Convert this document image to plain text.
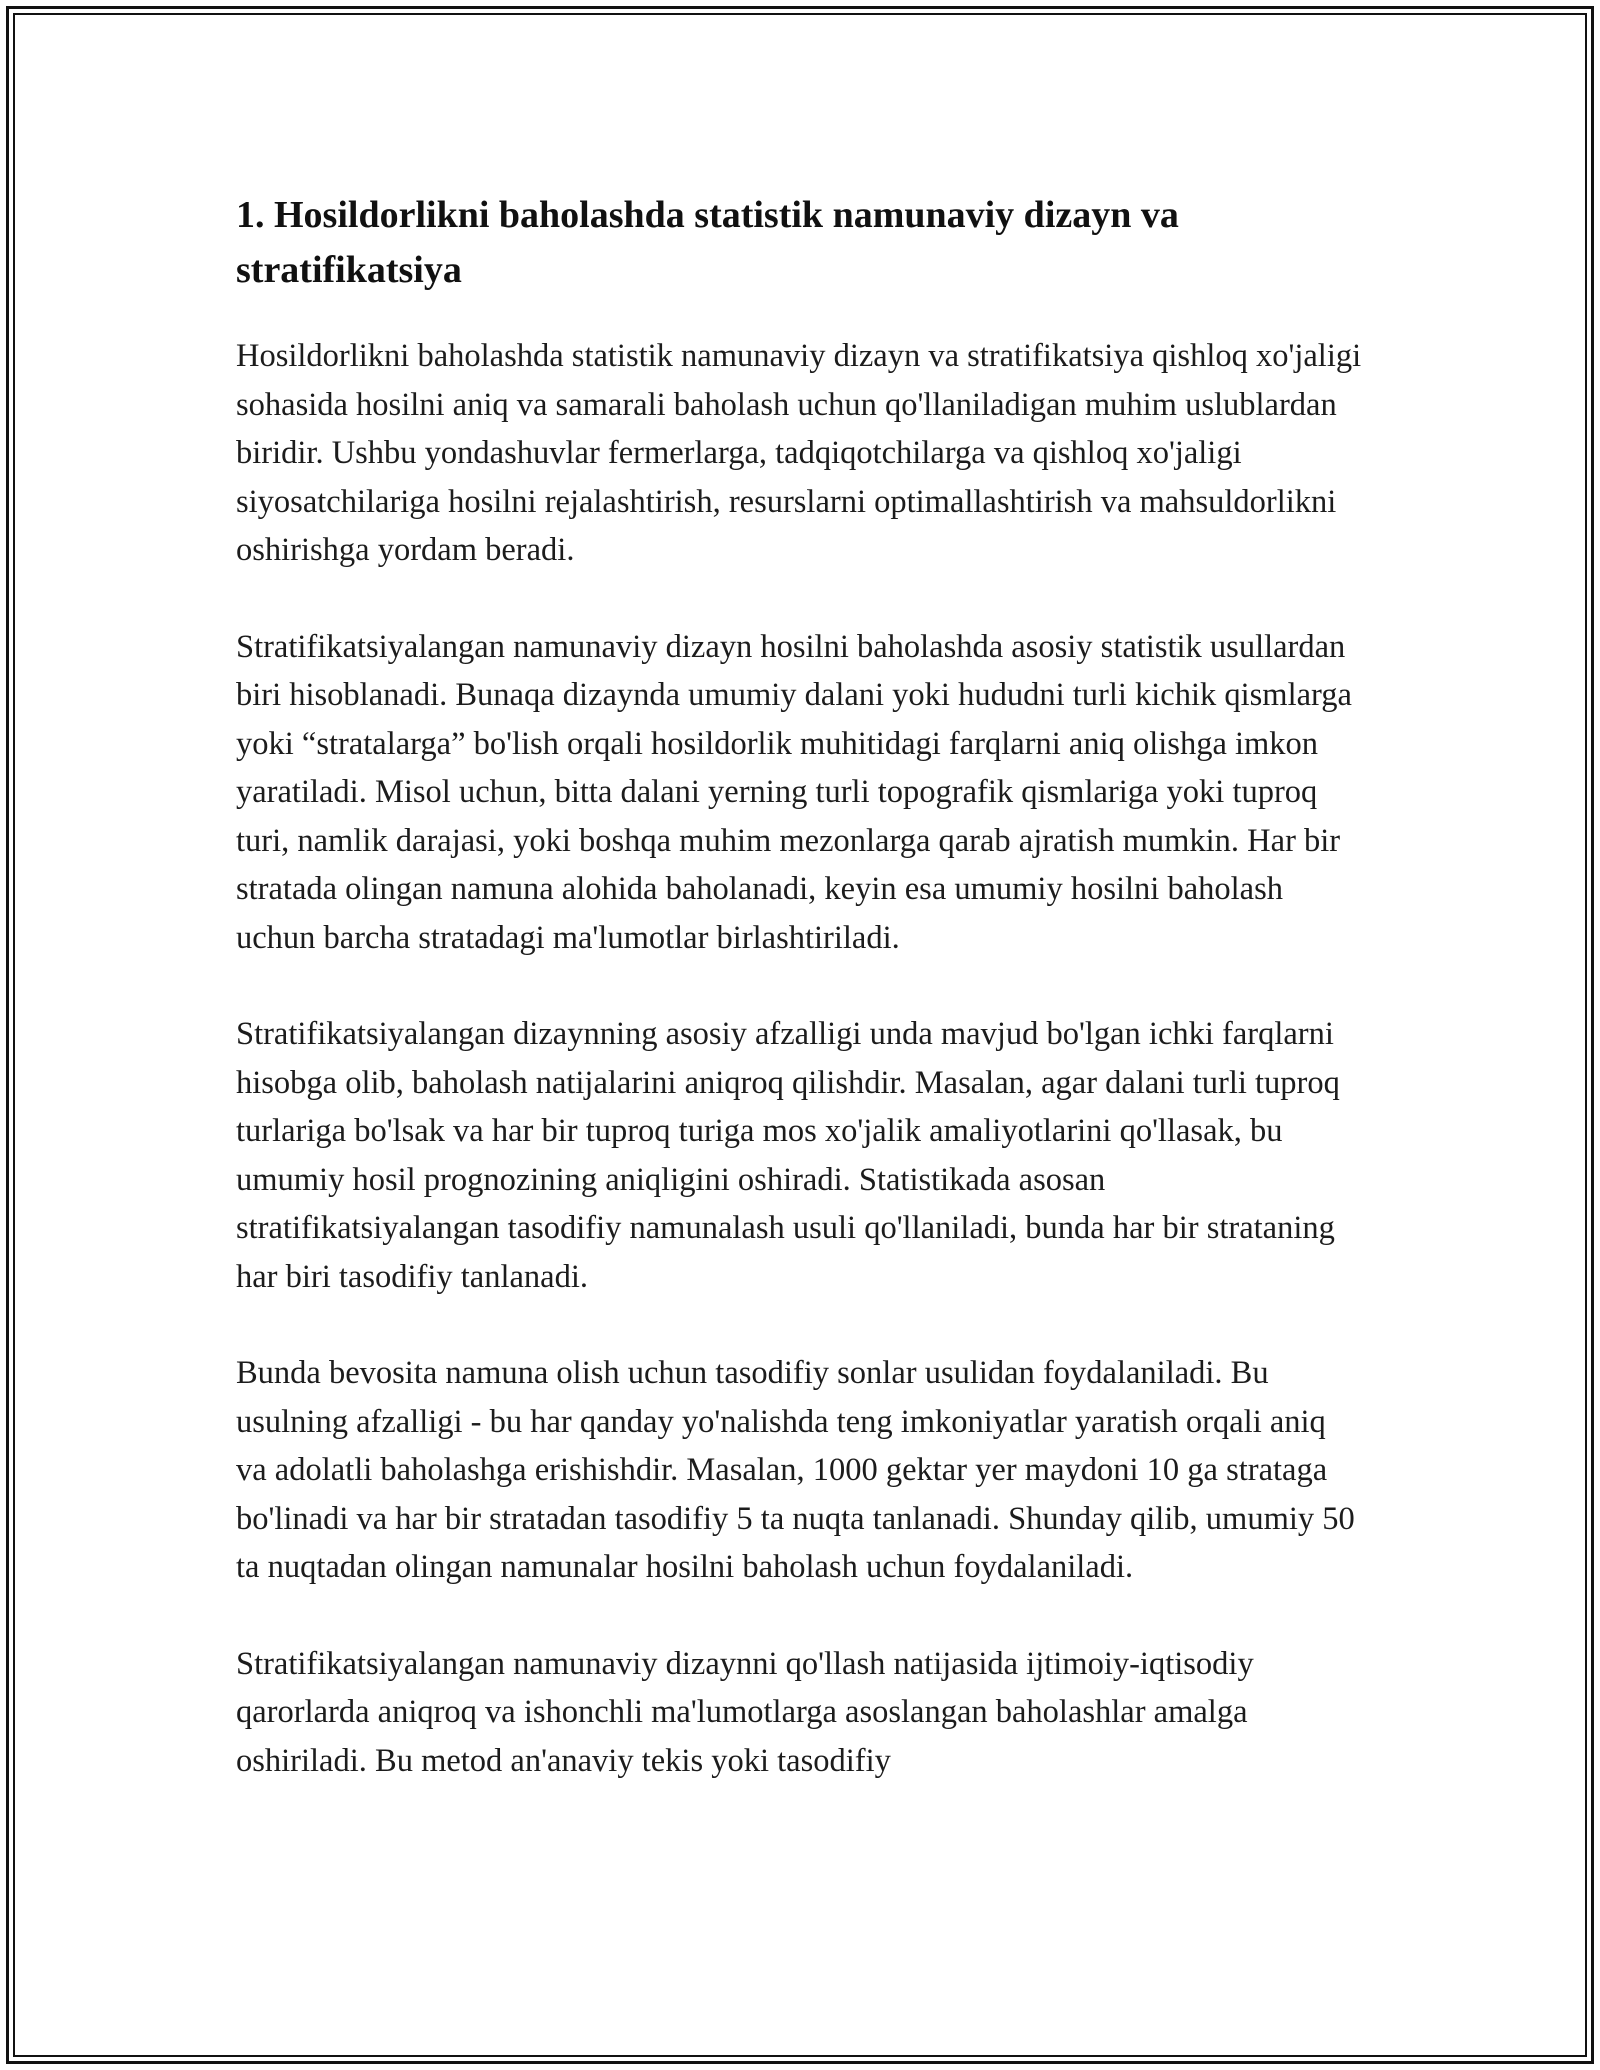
1. Hosildorlikni baholashda statistik namunaviy dizayn va stratifikatsiya

Hosildorlikni baholashda statistik namunaviy dizayn va stratifikatsiya qishloq xo'jaligi sohasida hosilni aniq va samarali baholash uchun qo'llaniladigan muhim uslublardan biridir. Ushbu yondashuvlar fermerlarga, tadqiqotchilarga va qishloq xo'jaligi siyosatchilariga hosilni rejalashtirish, resurslarni optimallashtirish va mahsuldorlikni oshirishga yordam beradi.

Stratifikatsiyalangan namunaviy dizayn hosilni baholashda asosiy statistik usullardan biri hisoblanadi. Bunaqa dizaynda umumiy dalani yoki hududni turli kichik qismlarga yoki “stratalarga” bo'lish orqali hosildorlik muhitidagi farqlarni aniq olishga imkon yaratiladi. Misol uchun, bitta dalani yerning turli topografik qismlariga yoki tuproq turi, namlik darajasi, yoki boshqa muhim mezonlarga qarab ajratish mumkin. Har bir stratada olingan namuna alohida baholanadi, keyin esa umumiy hosilni baholash uchun barcha stratadagi ma'lumotlar birlashtiriladi.

Stratifikatsiyalangan dizaynning asosiy afzalligi unda mavjud bo'lgan ichki farqlarni hisobga olib, baholash natijalarini aniqroq qilishdir. Masalan, agar dalani turli tuproq turlariga bo'lsak va har bir tuproq turiga mos xo'jalik amaliyotlarini qo'llasak, bu umumiy hosil prognozining aniqligini oshiradi. Statistikada asosan stratifikatsiyalangan tasodifiy namunalash usuli qo'llaniladi, bunda har bir strataning har biri tasodifiy tanlanadi.

Bunda bevosita namuna olish uchun tasodifiy sonlar usulidan foydalaniladi. Bu usulning afzalligi - bu har qanday yo'nalishda teng imkoniyatlar yaratish orqali aniq va adolatli baholashga erishishdir. Masalan, 1000 gektar yer maydoni 10 ga strataga bo'linadi va har bir stratadan tasodifiy 5 ta nuqta tanlanadi. Shunday qilib, umumiy 50 ta nuqtadan olingan namunalar hosilni baholash uchun foydalaniladi.

Stratifikatsiyalangan namunaviy dizaynni qo'llash natijasida ijtimoiy-iqtisodiy qarorlarda aniqroq va ishonchli ma'lumotlarga asoslangan baholashlar amalga oshiriladi. Bu metod an'anaviy tekis yoki tasodifiy
